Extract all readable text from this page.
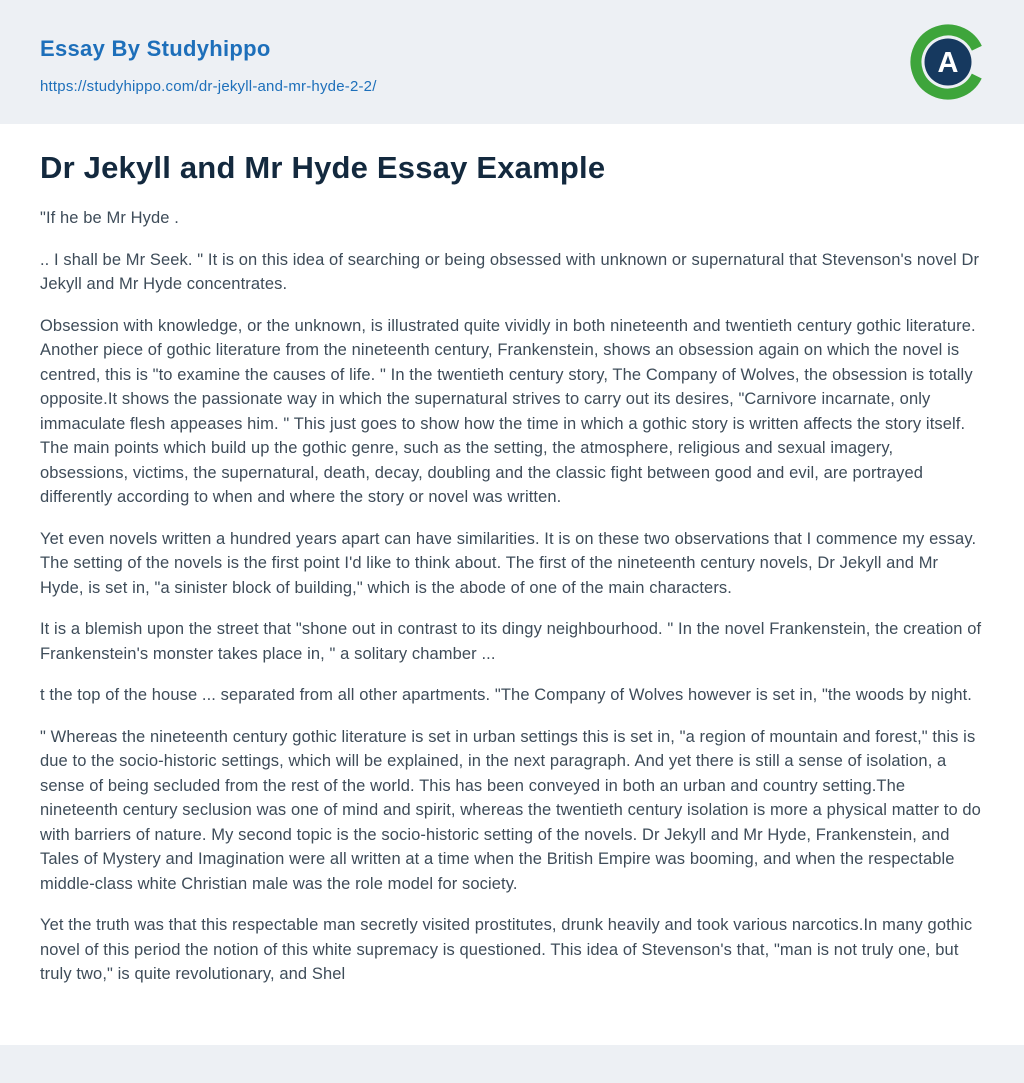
Essay By Studyhippo
https://studyhippo.com/dr-jekyll-and-mr-hyde-2-2/
A
Dr Jekyll and Mr Hyde Essay Example

"If he be Mr Hyde .

.. I shall be Mr Seek. " It is on this idea of searching or being obsessed with unknown or supernatural that Stevenson's novel Dr Jekyll and Mr Hyde concentrates.

Obsession with knowledge, or the unknown, is illustrated quite vividly in both nineteenth and twentieth century gothic literature. Another piece of gothic literature from the nineteenth century, Frankenstein, shows an obsession again on which the novel is centred, this is "to examine the causes of life. " In the twentieth century story, The Company of Wolves, the obsession is totally opposite.It shows the passionate way in which the supernatural strives to carry out its desires, "Carnivore incarnate, only immaculate flesh appeases him. " This just goes to show how the time in which a gothic story is written affects the story itself. The main points which build up the gothic genre, such as the setting, the atmosphere, religious and sexual imagery, obsessions, victims, the supernatural, death, decay, doubling and the classic fight between good and evil, are portrayed differently according to when and where the story or novel was written.

Yet even novels written a hundred years apart can have similarities. It is on these two observations that I commence my essay. The setting of the novels is the first point I'd like to think about. The first of the nineteenth century novels, Dr Jekyll and Mr Hyde, is set in, "a sinister block of building," which is the abode of one of the main characters.

It is a blemish upon the street that "shone out in contrast to its dingy neighbourhood. " In the novel Frankenstein, the creation of Frankenstein's monster takes place in, " a solitary chamber ...

t the top of the house ... separated from all other apartments. "The Company of Wolves however is set in, "the woods by night.

" Whereas the nineteenth century gothic literature is set in urban settings this is set in, "a region of mountain and forest," this is due to the socio-historic settings, which will be explained, in the next paragraph. And yet there is still a sense of isolation, a sense of being secluded from the rest of the world. This has been conveyed in both an urban and country setting.The nineteenth century seclusion was one of mind and spirit, whereas the twentieth century isolation is more a physical matter to do with barriers of nature. My second topic is the socio-historic setting of the novels. Dr Jekyll and Mr Hyde, Frankenstein, and Tales of Mystery and Imagination were all written at a time when the British Empire was booming, and when the respectable middle-class white Christian male was the role model for society.

Yet the truth was that this respectable man secretly visited prostitutes, drunk heavily and took various narcotics.In many gothic novel of this period the notion of this white supremacy is questioned. This idea of Stevenson's that, "man is not truly one, but truly two," is quite revolutionary, and Shel
